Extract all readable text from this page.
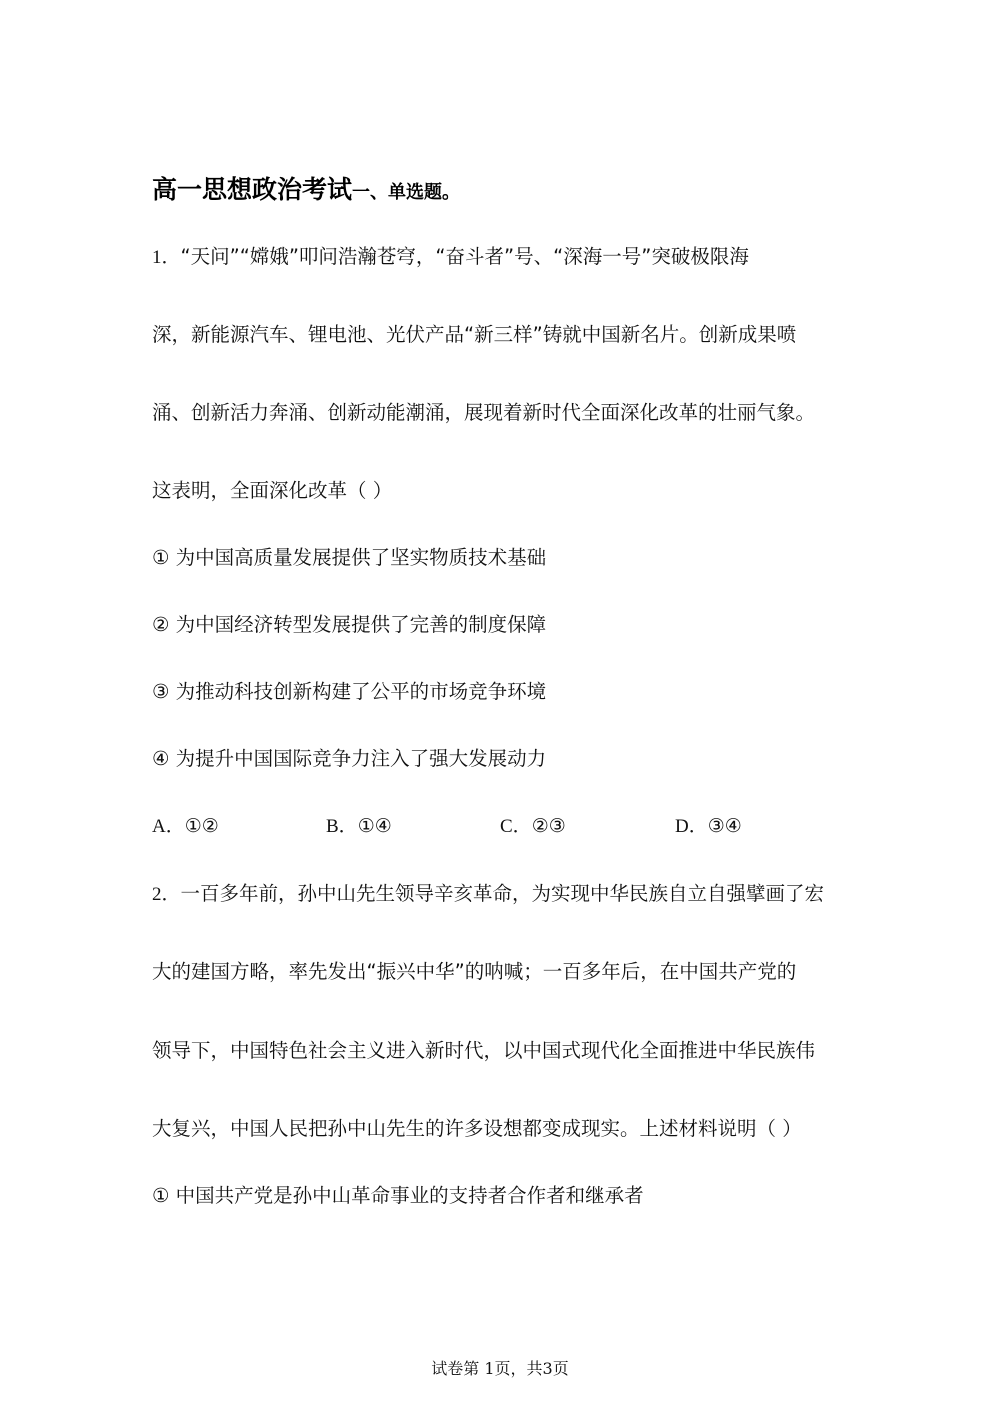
高一思想政治考试一、单选题。
1．“天问”“嫦娥”叩问浩瀚苍穹，“奋斗者”号、“深海一号”突破极限海
深，新能源汽车、锂电池、光伏产品“新三样”铸就中国新名片。创新成果喷
涌、创新活力奔涌、创新动能潮涌，展现着新时代全面深化改革的壮丽气象。
这表明，全面深化改革（ ）
① 为中国高质量发展提供了坚实物质技术基础
② 为中国经济转型发展提供了完善的制度保障
③ 为推动科技创新构建了公平的市场竞争环境
④ 为提升中国国际竞争力注入了强大发展动力
A．①②	B．①④	C．②③	D．③④
2．一百多年前，孙中山先生领导辛亥革命，为实现中华民族自立自强擘画了宏
大的建国方略，率先发出“振兴中华”的呐喊；一百多年后，在中国共产党的
领导下，中国特色社会主义进入新时代，以中国式现代化全面推进中华民族伟
大复兴，中国人民把孙中山先生的许多设想都变成现实。上述材料说明（ ）
① 中国共产党是孙中山革命事业的支持者合作者和继承者
试卷第 1页，共3页
